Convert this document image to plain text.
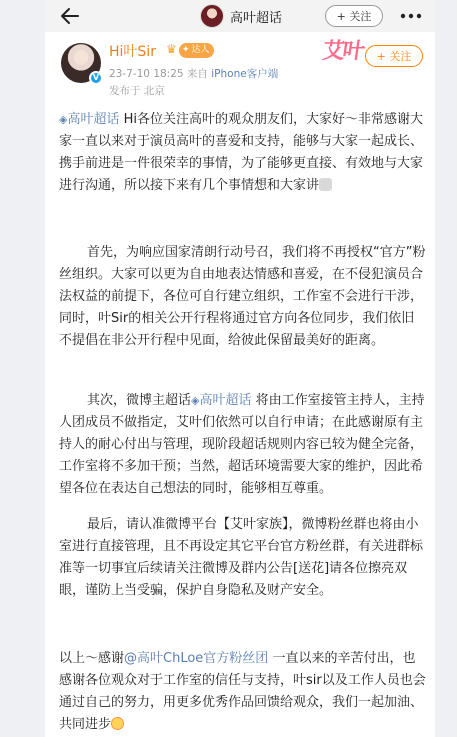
高叶超话	+ 关注
V
Hi叶Sir ♛ ✦ 达人
23-7-10 18:25 来自 iPhone客户端
发布于 北京
艾叶	+ 关注
◈高叶超话 Hi各位关注高叶的观众朋友们，大家好～非常感谢大家一直以来对于演员高叶的喜爱和支持，能够与大家一起成长、携手前进是一件很荣幸的事情，为了能够更直接、有效地与大家进行沟通，所以接下来有几个事情想和大家讲
首先，为响应国家清朗行动号召，我们将不再授权“官方”粉丝组织。大家可以更为自由地表达情感和喜爱，在不侵犯演员合法权益的前提下，各位可自行建立组织，工作室不会进行干涉，同时，叶Sir的相关公开行程将通过官方向各位同步，我们依旧不提倡在非公开行程中见面，给彼此保留最美好的距离。
其次，微博主超话◈高叶超话 将由工作室接管主持人，主持人团成员不做指定，艾叶们依然可以自行申请；在此感谢原有主持人的耐心付出与管理，现阶段超话规则内容已较为健全完备，工作室将不多加干预；当然，超话环境需要大家的维护，因此希望各位在表达自己想法的同时，能够相互尊重。
最后，请认准微博平台【艾叶家族】，微博粉丝群也将由小室进行直接管理，且不再设定其它平台官方粉丝群，有关进群标准等一切事宜后续请关注微博及群内公告[送花]请各位擦亮双眼，谨防上当受骗，保护自身隐私及财产安全。
以上～感谢@高叶ChLoe官方粉丝团 一直以来的辛苦付出，也感谢各位观众对于工作室的信任与支持，叶sir以及工作人员也会通过自己的努力，用更多优秀作品回馈给观众，我们一起加油、共同进步
